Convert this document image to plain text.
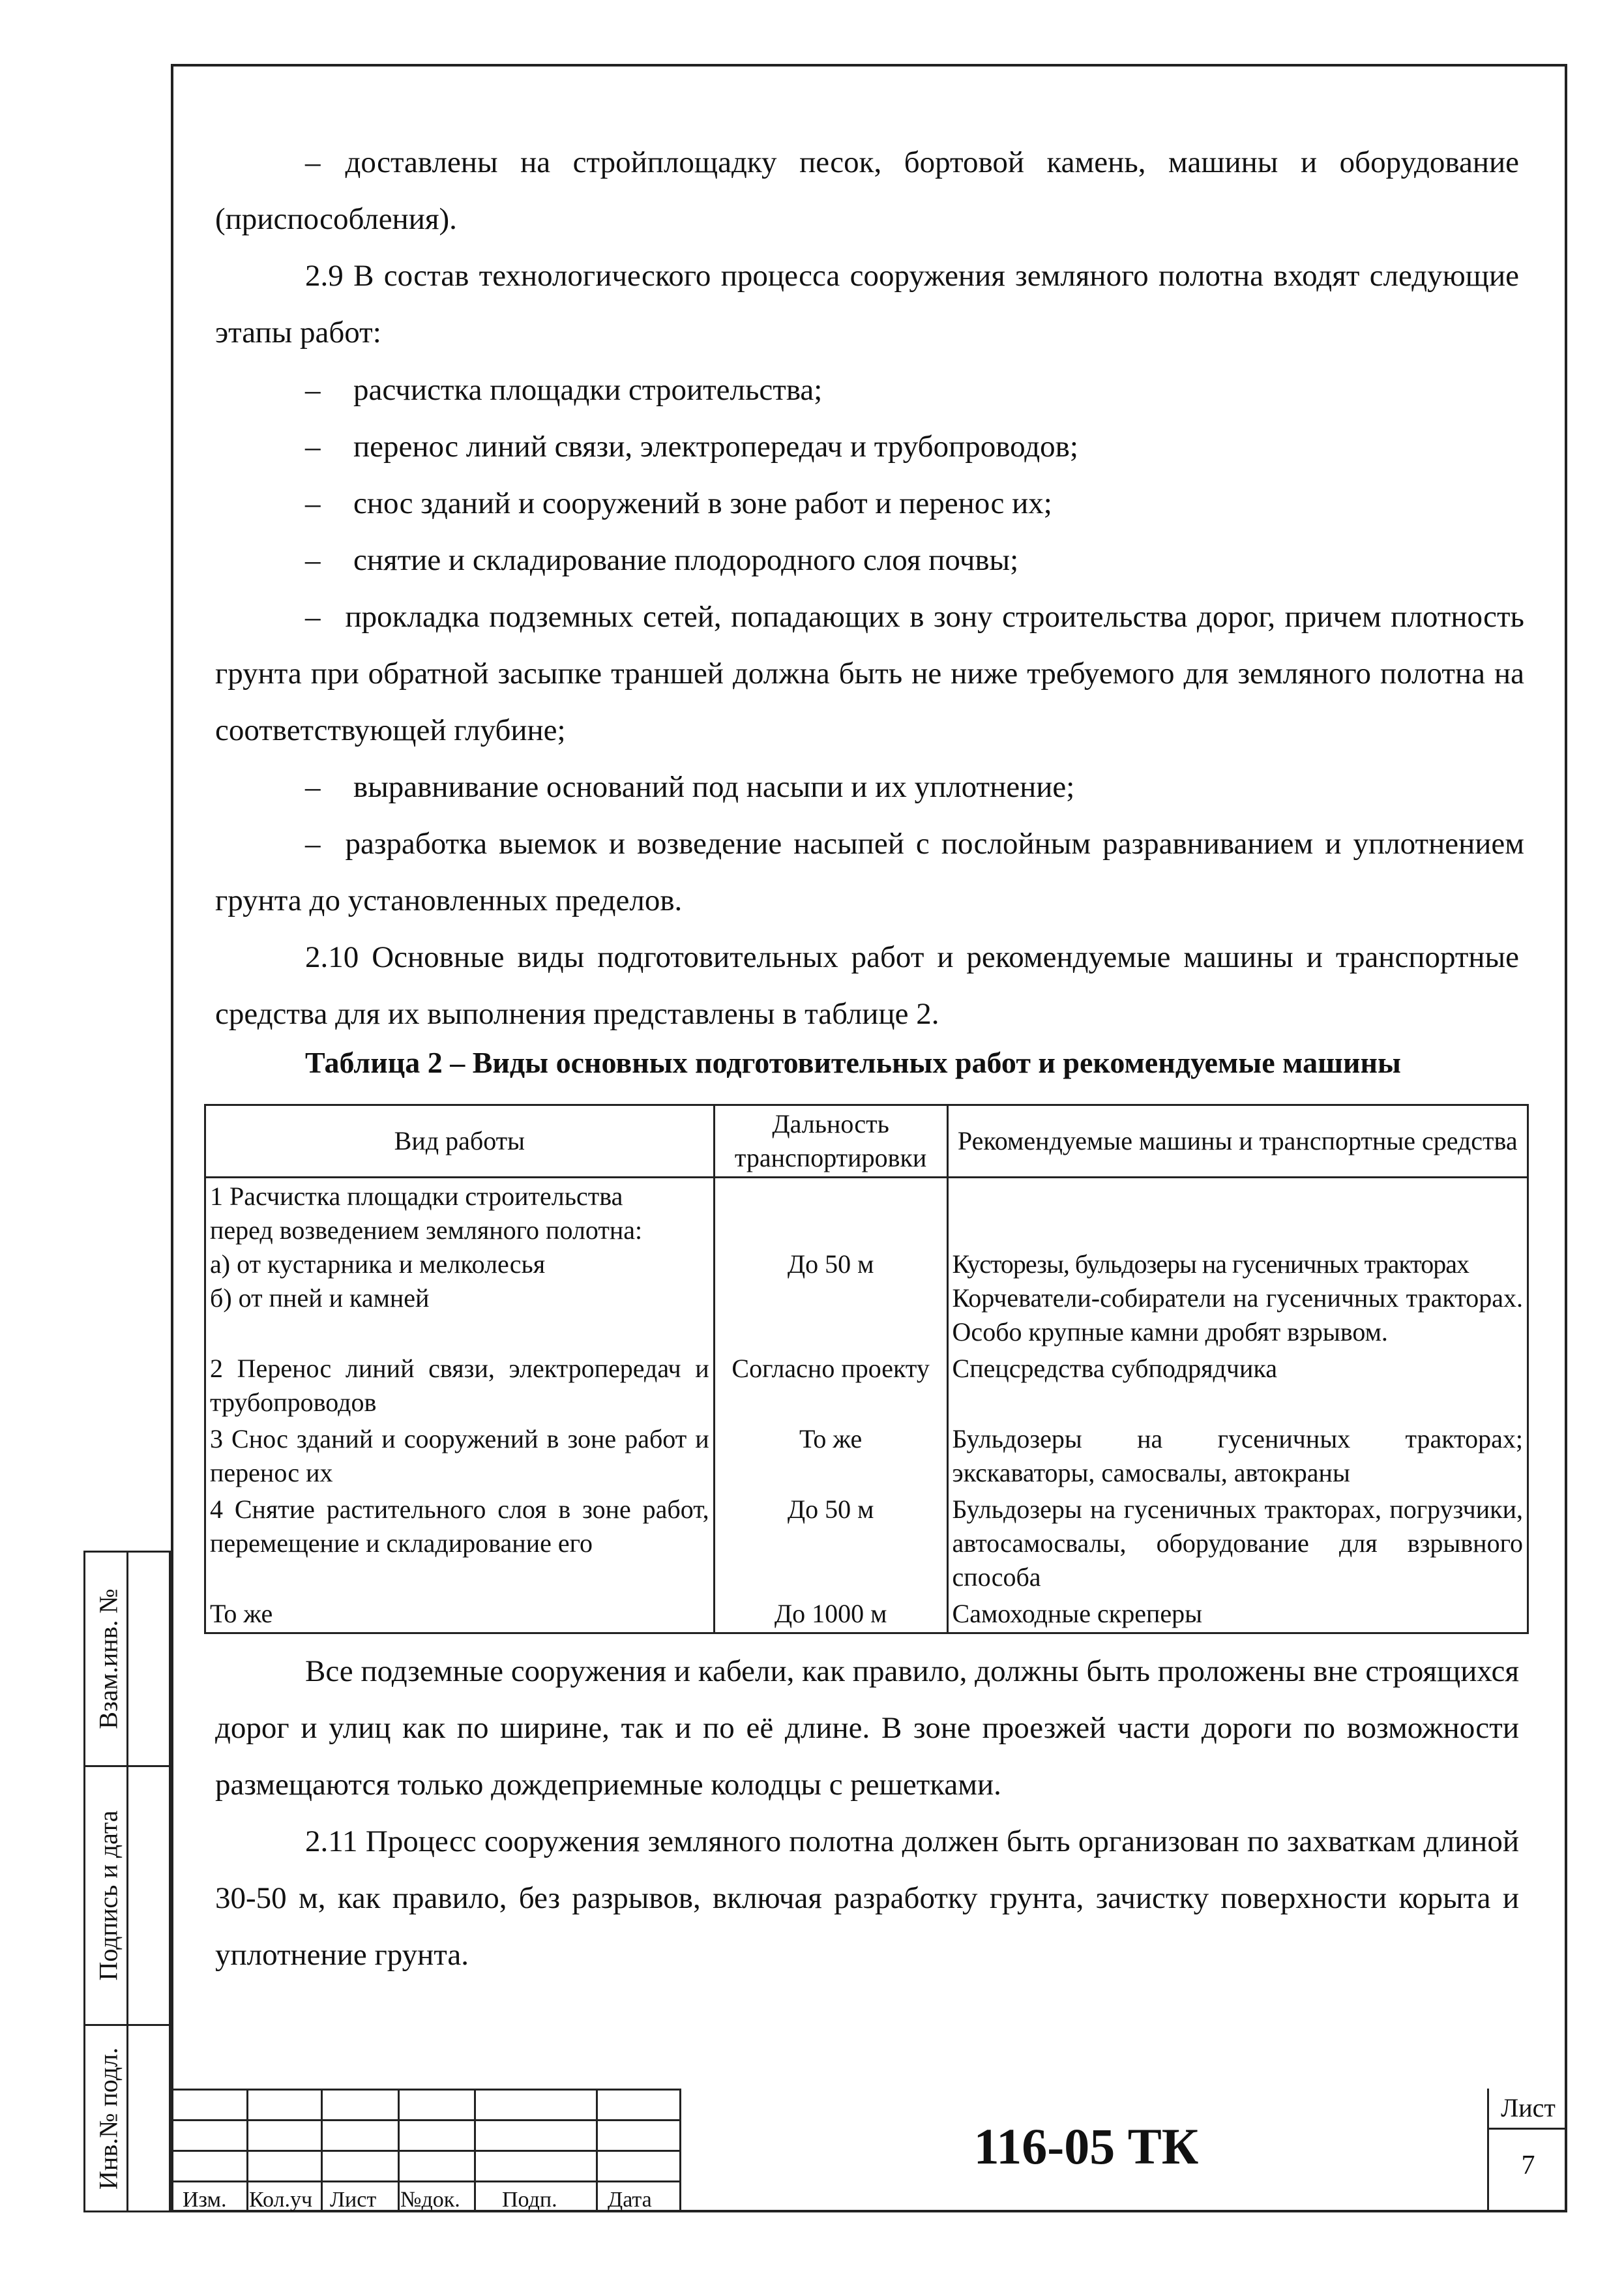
– доставлены на стройплощадку песок, бортовой камень, машины и оборудование (приспособления).

2.9 В состав технологического процесса сооружения земляного полотна входят следующие этапы работ:

–	расчистка площадки строительства;

–	перенос линий связи, электропередач и трубопроводов;

–	снос зданий и сооружений в зоне работ и перенос их;

–	снятие и складирование плодородного слоя почвы;

– прокладка подземных сетей, попадающих в зону строительства дорог, причем плотность грунта при обратной засыпке траншей должна быть не ниже требуемого для земляного полотна на соответствующей глубине;

–	выравнивание оснований под насыпи и их уплотнение;

– разработка выемок и возведение насыпей с послойным разравниванием и уплотнением грунта до установленных пределов.

2.10 Основные виды подготовительных работ и рекомендуемые машины и транспортные средства для их выполнения представлены в таблице 2.

Таблица 2 – Виды основных подготовительных работ и рекомендуемые машины

Вид работы	Дальность транспортировки	Рекомендуемые машины и транспортные средства

1 Расчистка площадки строительства
перед возведением земляного полотна:
а) от кустарника и мелколесья
б) от пней и камней	До 50 м	Кусторезы, бульдозеры на гусеничных тракторах
Корчеватели-собиратели на гусеничных тракторах. Особо крупные камни дробят взрывом.

2 Перенос линий связи, электропередач и трубопроводов	Согласно проекту	Спецсредства субподрядчика

3 Снос зданий и сооружений в зоне работ и перенос их	То же	Бульдозеры на гусеничных тракторах; экскаваторы, самосвалы, автокраны

4 Снятие растительного слоя в зоне работ, перемещение и складирование его	До 50 м	Бульдозеры на гусеничных тракторах, погрузчики, автосамосвалы, оборудование для взрывного способа

То же	До 1000 м	Самоходные скреперы

Все подземные сооружения и кабели, как правило, должны быть проложены вне строящихся дорог и улиц как по ширине, так и по её длине. В зоне проезжей части дороги по возможности размещаются только дождеприемные колодцы с решетками.

2.11 Процесс сооружения земляного полотна должен быть организован по захваткам длиной 30-50 м, как правило, без разрывов, включая разработку грунта, зачистку поверхности корыта и уплотнение грунта.

Взам.инв. №
Подпись и дата
Инв.№ подл.
Изм. Кол.уч Лист №док. Подп. Дата
116-05 ТК
Лист
7
